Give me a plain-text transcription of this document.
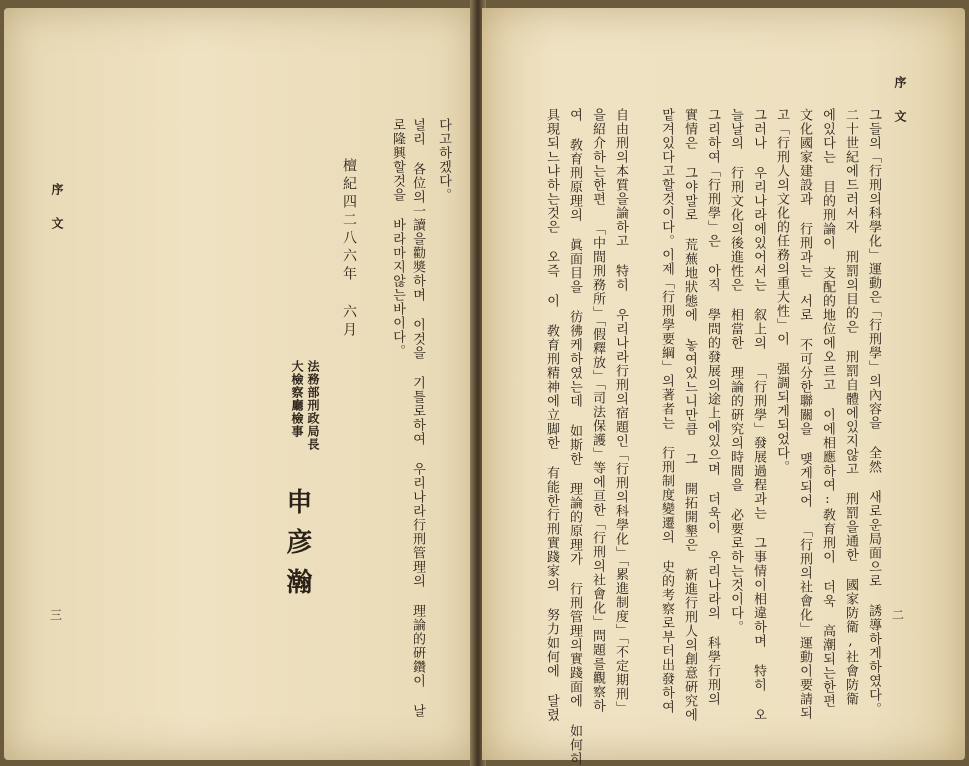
序 文
申彦瀚
大檢察廳檢事 法務部刑政局長
檀紀四二八六年 六月	로隆興할것을 바라마지않는바이다。 널리 各位의一讀을勸奬하며 이것을 기틀로하여 우리나라行刑管理의 理論的硏鑽이 날 다고하겠다。
三
序 文
그들의「行刑의科學化」運動은「行刑學」의內容을 全然 새로운局面으로 誘導하게하였다。
二十世紀에드러서자 刑罰의目的은 刑罰自體에있지않고 刑罰을通한 國家防衛,社會防衛
에있다는 目的刑論이 支配的地位에오르고 이에相應하여:敎育刑이 더욱 高潮되는한편
文化國家建設과 行刑과는 서로 不可分한聯關을 맺게되어 「行刑의社會化」運動이要請되
고「行刑人의文化的任務의重大性」이 强調되게되었다。
그러나 우리나라에있어서는 叙上의 「行刑學」發展過程과는 그事情이相違하며 特히 오
늘날의 行刑文化의後進性은 相當한 理論的硏究의時間을 必要로하는것이다。
그리하여「行刑學」은 아직 學問的發展의途上에있으며 더욱이 우리나라의 科學行刑의
實情은 그야말로 荒蕪地狀態에 놓여있느니만큼 그 開拓開墾은 新進行刑人의創意硏究에
맡겨있다고할것이다。이제「行刑學要綱」의著者는 行刑制度變遷의 史的考察로부터出發하여
自由刑의本質을論하고 特히 우리나라行刑의宿題인「行刑의科學化」「累進制度」「不定期刑」
을紹介하는한편 「中間刑務所」「假釋放」「司法保護」等에亘한「行刑의社會化」問題를觀察하
여 敎育刑原理의 眞面目을 彷彿케하였는데 如斯한 理論的原理가 行刑管理의實踐面에 如何히
具現되느냐하는것은 오즉 이 敎育刑精神에立脚한 有能한行刑實踐家의 努力如何에 달렸	二
